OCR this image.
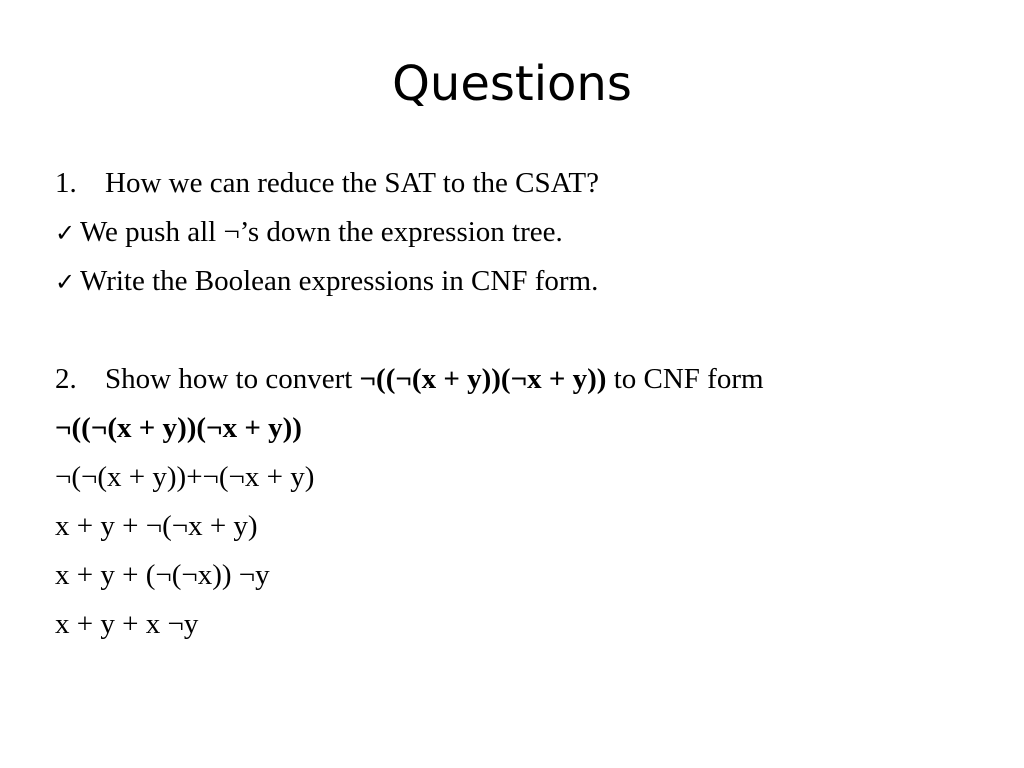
Questions
1. How we can reduce the SAT to the CSAT?
✓ We push all ¬’s down the expression tree.
✓ Write the Boolean expressions in CNF form.
2. Show how to convert ¬((¬(x + y))(¬x + y)) to CNF form
¬((¬(x + y))(¬x + y))
¬(¬(x + y))+¬(¬x + y)
x + y + ¬(¬x + y)
x + y + (¬(¬x)) ¬y
x + y + x ¬y
